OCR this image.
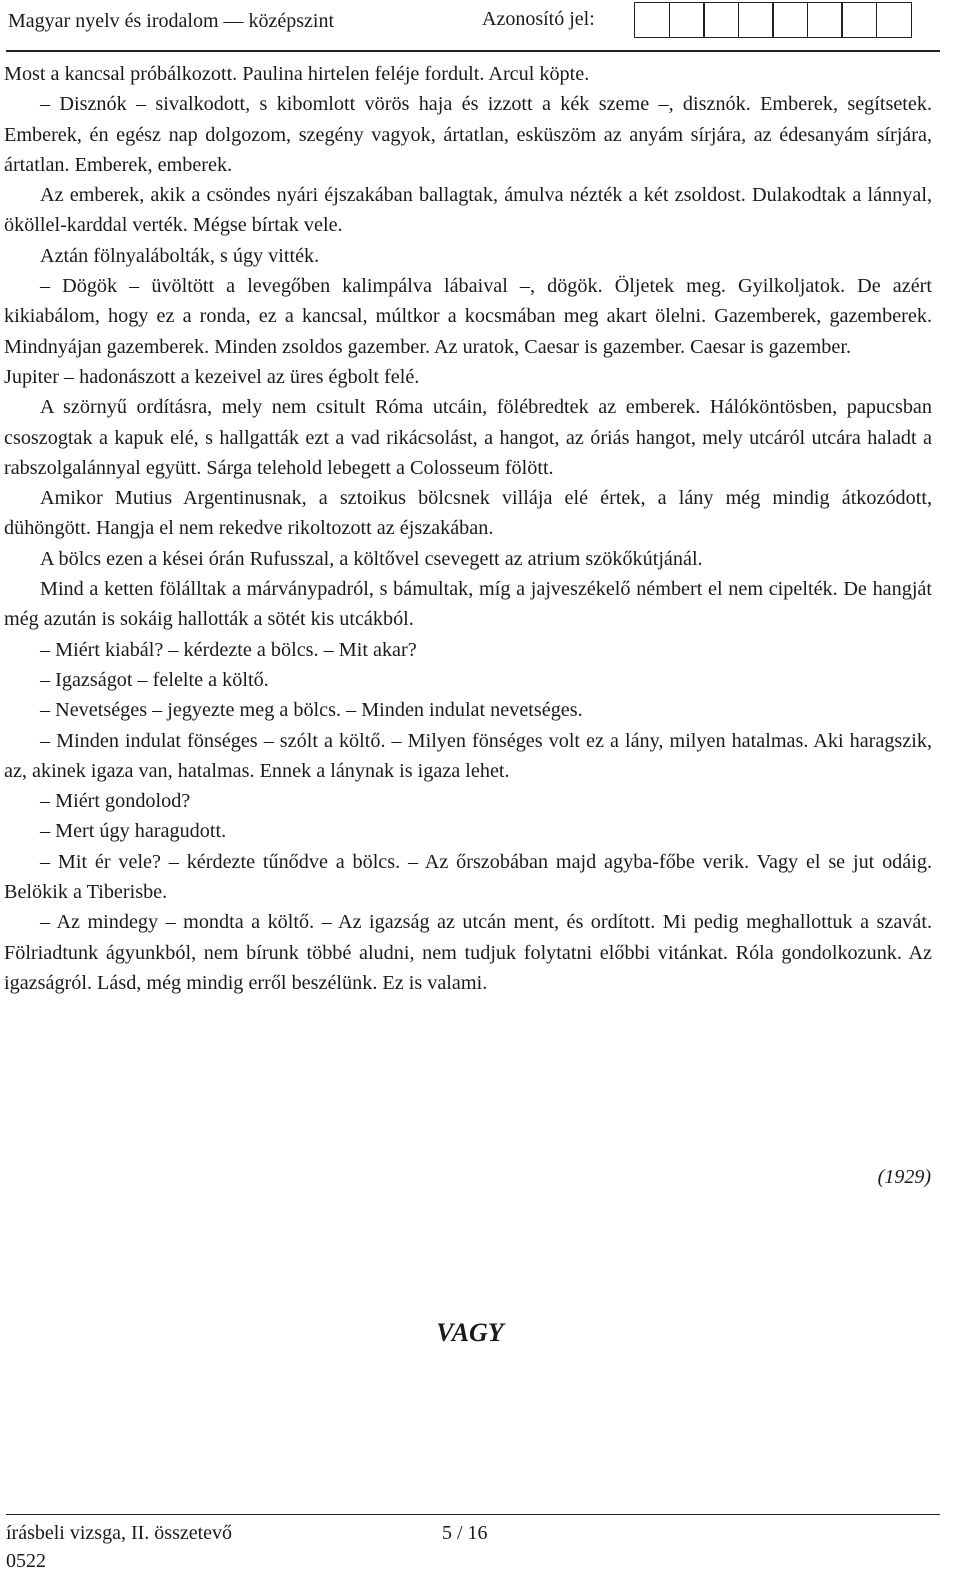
Magyar nyelv és irodalom — középszint	Azonosító jel:

Most a kancsal próbálkozott. Paulina hirtelen feléje fordult. Arcul köpte.

– Disznók – sivalkodott, s kibomlott vörös haja és izzott a kék szeme –, disznók. Emberek, segítsetek. Emberek, én egész nap dolgozom, szegény vagyok, ártatlan, esküszöm az anyám sírjára, az édesanyám sírjára, ártatlan. Emberek, emberek.

Az emberek, akik a csöndes nyári éjszakában ballagtak, ámulva nézték a két zsoldost. Dulakodtak a lánnyal, ököllel-karddal verték. Mégse bírtak vele.

Aztán fölnyalábolták, s úgy vitték.

– Dögök – üvöltött a levegőben kalimpálva lábaival –, dögök. Öljetek meg. Gyilkoljatok. De azért kikiabálom, hogy ez a ronda, ez a kancsal, múltkor a kocsmában meg akart ölelni. Gazemberek, gazemberek. Mindnyájan gazemberek. Minden zsoldos gazember. Az uratok, Caesar is gazember. Caesar is gazember.

Jupiter – hadonászott a kezeivel az üres égbolt felé.

A szörnyű ordításra, mely nem csitult Róma utcáin, fölébredtek az emberek. Hálóköntösben, papucsban csoszogtak a kapuk elé, s hallgatták ezt a vad rikácsolást, a hangot, az óriás hangot, mely utcáról utcára haladt a rabszolgalánnyal együtt. Sárga telehold lebegett a Colosseum fölött.

Amikor Mutius Argentinusnak, a sztoikus bölcsnek villája elé értek, a lány még mindig átkozódott, dühöngött. Hangja el nem rekedve rikoltozott az éjszakában.

A bölcs ezen a kései órán Rufusszal, a költővel csevegett az atrium szökőkútjánál.

Mind a ketten fölálltak a márványpadról, s bámultak, míg a jajveszékelő némbert el nem cipelték. De hangját még azután is sokáig hallották a sötét kis utcákból.

– Miért kiabál? – kérdezte a bölcs. – Mit akar?

– Igazságot – felelte a költő.

– Nevetséges – jegyezte meg a bölcs. – Minden indulat nevetséges.

– Minden indulat fönséges – szólt a költő. – Milyen fönséges volt ez a lány, milyen hatalmas. Aki haragszik, az, akinek igaza van, hatalmas. Ennek a lánynak is igaza lehet.

– Miért gondolod?

– Mert úgy haragudott.

– Mit ér vele? – kérdezte tűnődve a bölcs. – Az őrszobában majd agyba-főbe verik. Vagy el se jut odáig. Belökik a Tiberisbe.

– Az mindegy – mondta a költő. – Az igazság az utcán ment, és ordított. Mi pedig meghallottuk a szavát. Fölriadtunk ágyunkból, nem bírunk többé aludni, nem tudjuk folytatni előbbi vitánkat. Róla gondolkozunk. Az igazságról. Lásd, még mindig erről beszélünk. Ez is valami.

(1929)
VAGY
írásbeli vizsga, II. összetevő	5 / 16
0522
